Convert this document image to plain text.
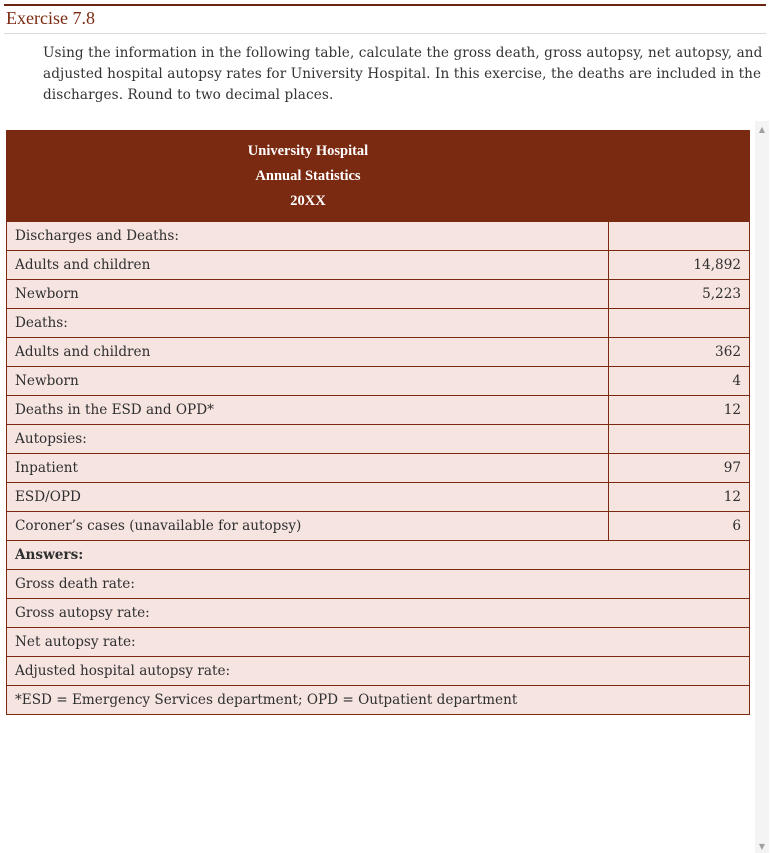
Exercise 7.8

Using the information in the following table, calculate the gross death, gross autopsy, net autopsy, and adjusted hospital autopsy rates for University Hospital. In this exercise, the deaths are included in the discharges. Round to two decimal places.

▲
▼
University Hospital
Annual Statistics
20XX	

Discharges and Deaths:	
Adults and children	14,892
Newborn	5,223
Deaths:	
Adults and children	362
Newborn	4
Deaths in the ESD and OPD*	12
Autopsies:	
Inpatient	97
ESD/OPD	12
Coroner’s cases (unavailable for autopsy)	6
Answers:	

Gross death rate:	

Gross autopsy rate:	
Net autopsy rate:	
Adjusted hospital autopsy rate:	
*ESD = Emergency Services department; OPD = Outpatient department	
